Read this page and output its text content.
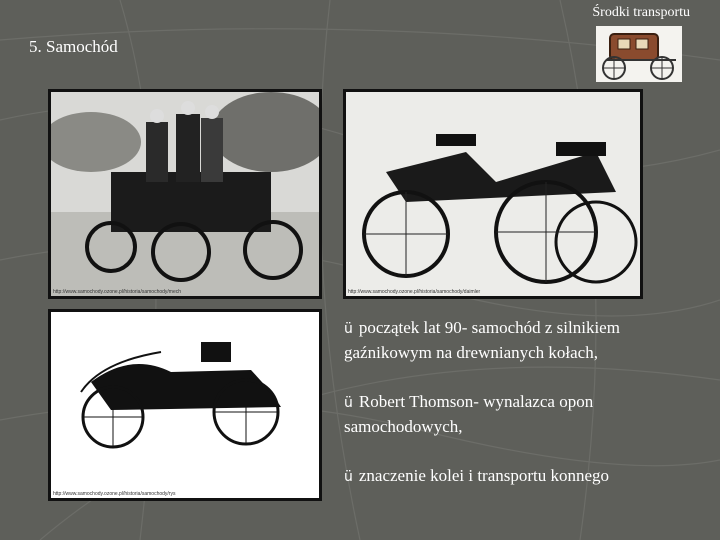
Środki transportu
5. Samochód
http://www.samochody.ozone.pl/historia/samochody/mech	http://www.samochody.ozone.pl/historia/samochody/daimler
http://www.samochody.ozone.pl/historia/samochody/rys
ü początek lat 90- samochód z silnikiem gaźnikowym na drewnianych kołach,
ü Robert Thomson- wynalazca opon samochodowych,
ü znaczenie kolei i transportu konnego
